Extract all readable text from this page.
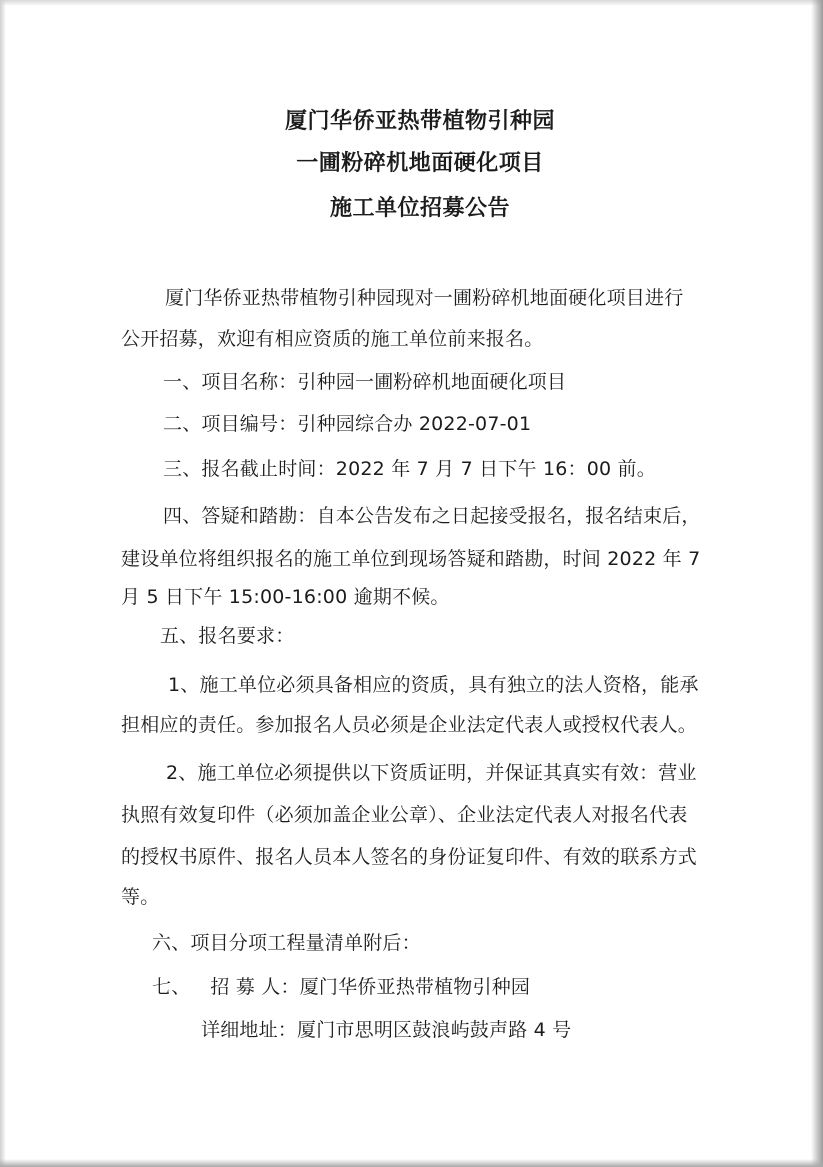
厦门华侨亚热带植物引种园
一圃粉碎机地面硬化项目
施工单位招募公告
厦门华侨亚热带植物引种园现对一圃粉碎机地面硬化项目进行
公开招募，欢迎有相应资质的施工单位前来报名。
一、项目名称：引种园一圃粉碎机地面硬化项目
二、项目编号：引种园综合办 2022-07-01
三、报名截止时间：2022 年 7 月 7 日下午 16：00 前。
四、答疑和踏勘：自本公告发布之日起接受报名，报名结束后，
建设单位将组织报名的施工单位到现场答疑和踏勘，时间 2022 年 7
月 5 日下午 15:00-16:00 逾期不候。
五、报名要求：
1、施工单位必须具备相应的资质，具有独立的法人资格，能承
担相应的责任。参加报名人员必须是企业法定代表人或授权代表人。
2、施工单位必须提供以下资质证明，并保证其真实有效：营业
执照有效复印件（必须加盖企业公章）、企业法定代表人对报名代表
的授权书原件、报名人员本人签名的身份证复印件、有效的联系方式
等。
六、项目分项工程量清单附后：
七、 招 募 人：厦门华侨亚热带植物引种园
详细地址：厦门市思明区鼓浪屿鼓声路 4 号
